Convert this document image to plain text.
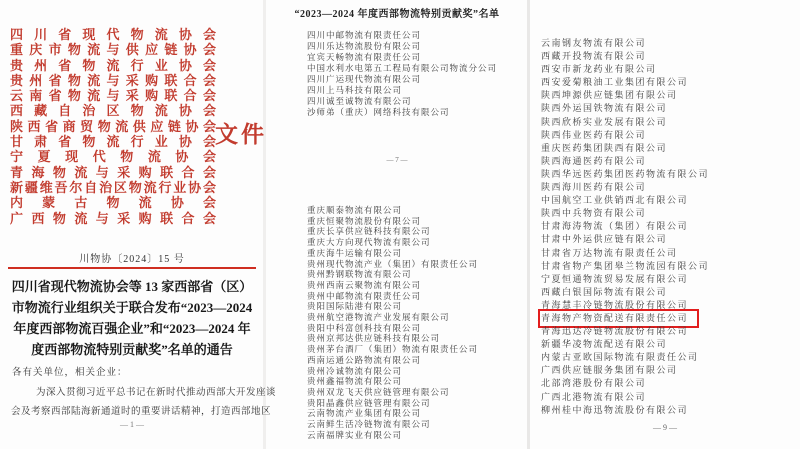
四川省现代物流协会
重庆市物流与供应链协会
贵州省物流行业协会
贵州省物流与采购联合会
云南省物流与采购联合会
西藏自治区物流协会
陕西省商贸物流供应链协会
甘肃省物流行业协会
宁夏现代物流协会
青海物流与采购联合会
新疆维吾尔自治区物流行业协会
内蒙古物流协会
广西物流与采购联合会
文件
川物协〔2024〕15 号
四川省现代物流协会等 13 家西部省（区）
市物流行业组织关于联合发布“2023—2024
年度西部物流百强企业”和“2023—2024 年
度西部物流特别贡献奖”名单的通告
各有关单位，相关企业：
为深入贯彻习近平总书记在新时代推动西部大开发座谈
会及考察西部陆海新通道时的重要讲话精神，打造西部地区
— 1 —
“2023—2024 年度西部物流特别贡献奖”名单
四川中邮物流有限责任公司
四川乐达物流股份有限公司
宜宾天畅物流有限责任公司
中国水利水电第五工程局有限公司物流分公司
四川广运现代物流有限公司
四川上马科技有限公司
四川诚至诚物流有限公司
沙师弟（重庆）网络科技有限公司
— 7 —
重庆顺泰物流有限公司
重庆恒聚物流股份有限公司
重庆长享供应链科技有限公司
重庆大方向现代物流有限公司
重庆海牛运输有限公司
贵州现代物流产业（集团）有限责任公司
贵州黔钢联物流有限公司
贵州西南云聚物流有限公司
贵州中邮物流有限责任公司
贵阳国际陆港有限公司
贵州航空港物流产业发展有限公司
贵阳中科富创科技有限公司
贵州京邦达供应链科技有限公司
贵州茅台酒厂（集团）物流有限责任公司
西南运通公路物流有限公司
贵州冷诚物流有限公司
贵州鑫福物流有限公司
贵州双龙飞天供应链管理有限公司
贵阳晶鑫供应链管理有限公司
云南物流产业集团有限公司
云南鲜生活冷链物流有限公司
云南福牌实业有限公司
云南钢友物流有限公司
西藏开投物流有限公司
西安市新龙药业有限公司
西安爱菊粮油工业集团有限公司
陕西坤源供应链集团有限公司
陕西外运国铁物流有限公司
陕西欣桥实业发展有限公司
陕西伟业医药有限公司
重庆医药集团陕西有限公司
陕西海通医药有限公司
陕西华远医药集团医药物流有限公司
陕西海川医药有限公司
中国航空工业供销西北有限公司
陕西中兵物资有限公司
甘肃海涛物流（集团）有限公司
甘肃中外运供应链有限公司
甘肃省万达物流有限责任公司
甘肃省物产集团皋兰物流园有限公司
宁夏恒通物流贸易发展有限公司
西藏白银国际物流有限公司
青海慧丰冷链物流股份有限公司
青海物产物资配送有限责任公司
青海迅达冷链物流股份有限公司
新疆华凌物流配送有限公司
内蒙古亚欧国际物流有限责任公司
广西供应链服务集团有限公司
北部湾港股份有限公司
广西北港物流有限公司
柳州桂中海迅物流股份有限公司
— 9 —
